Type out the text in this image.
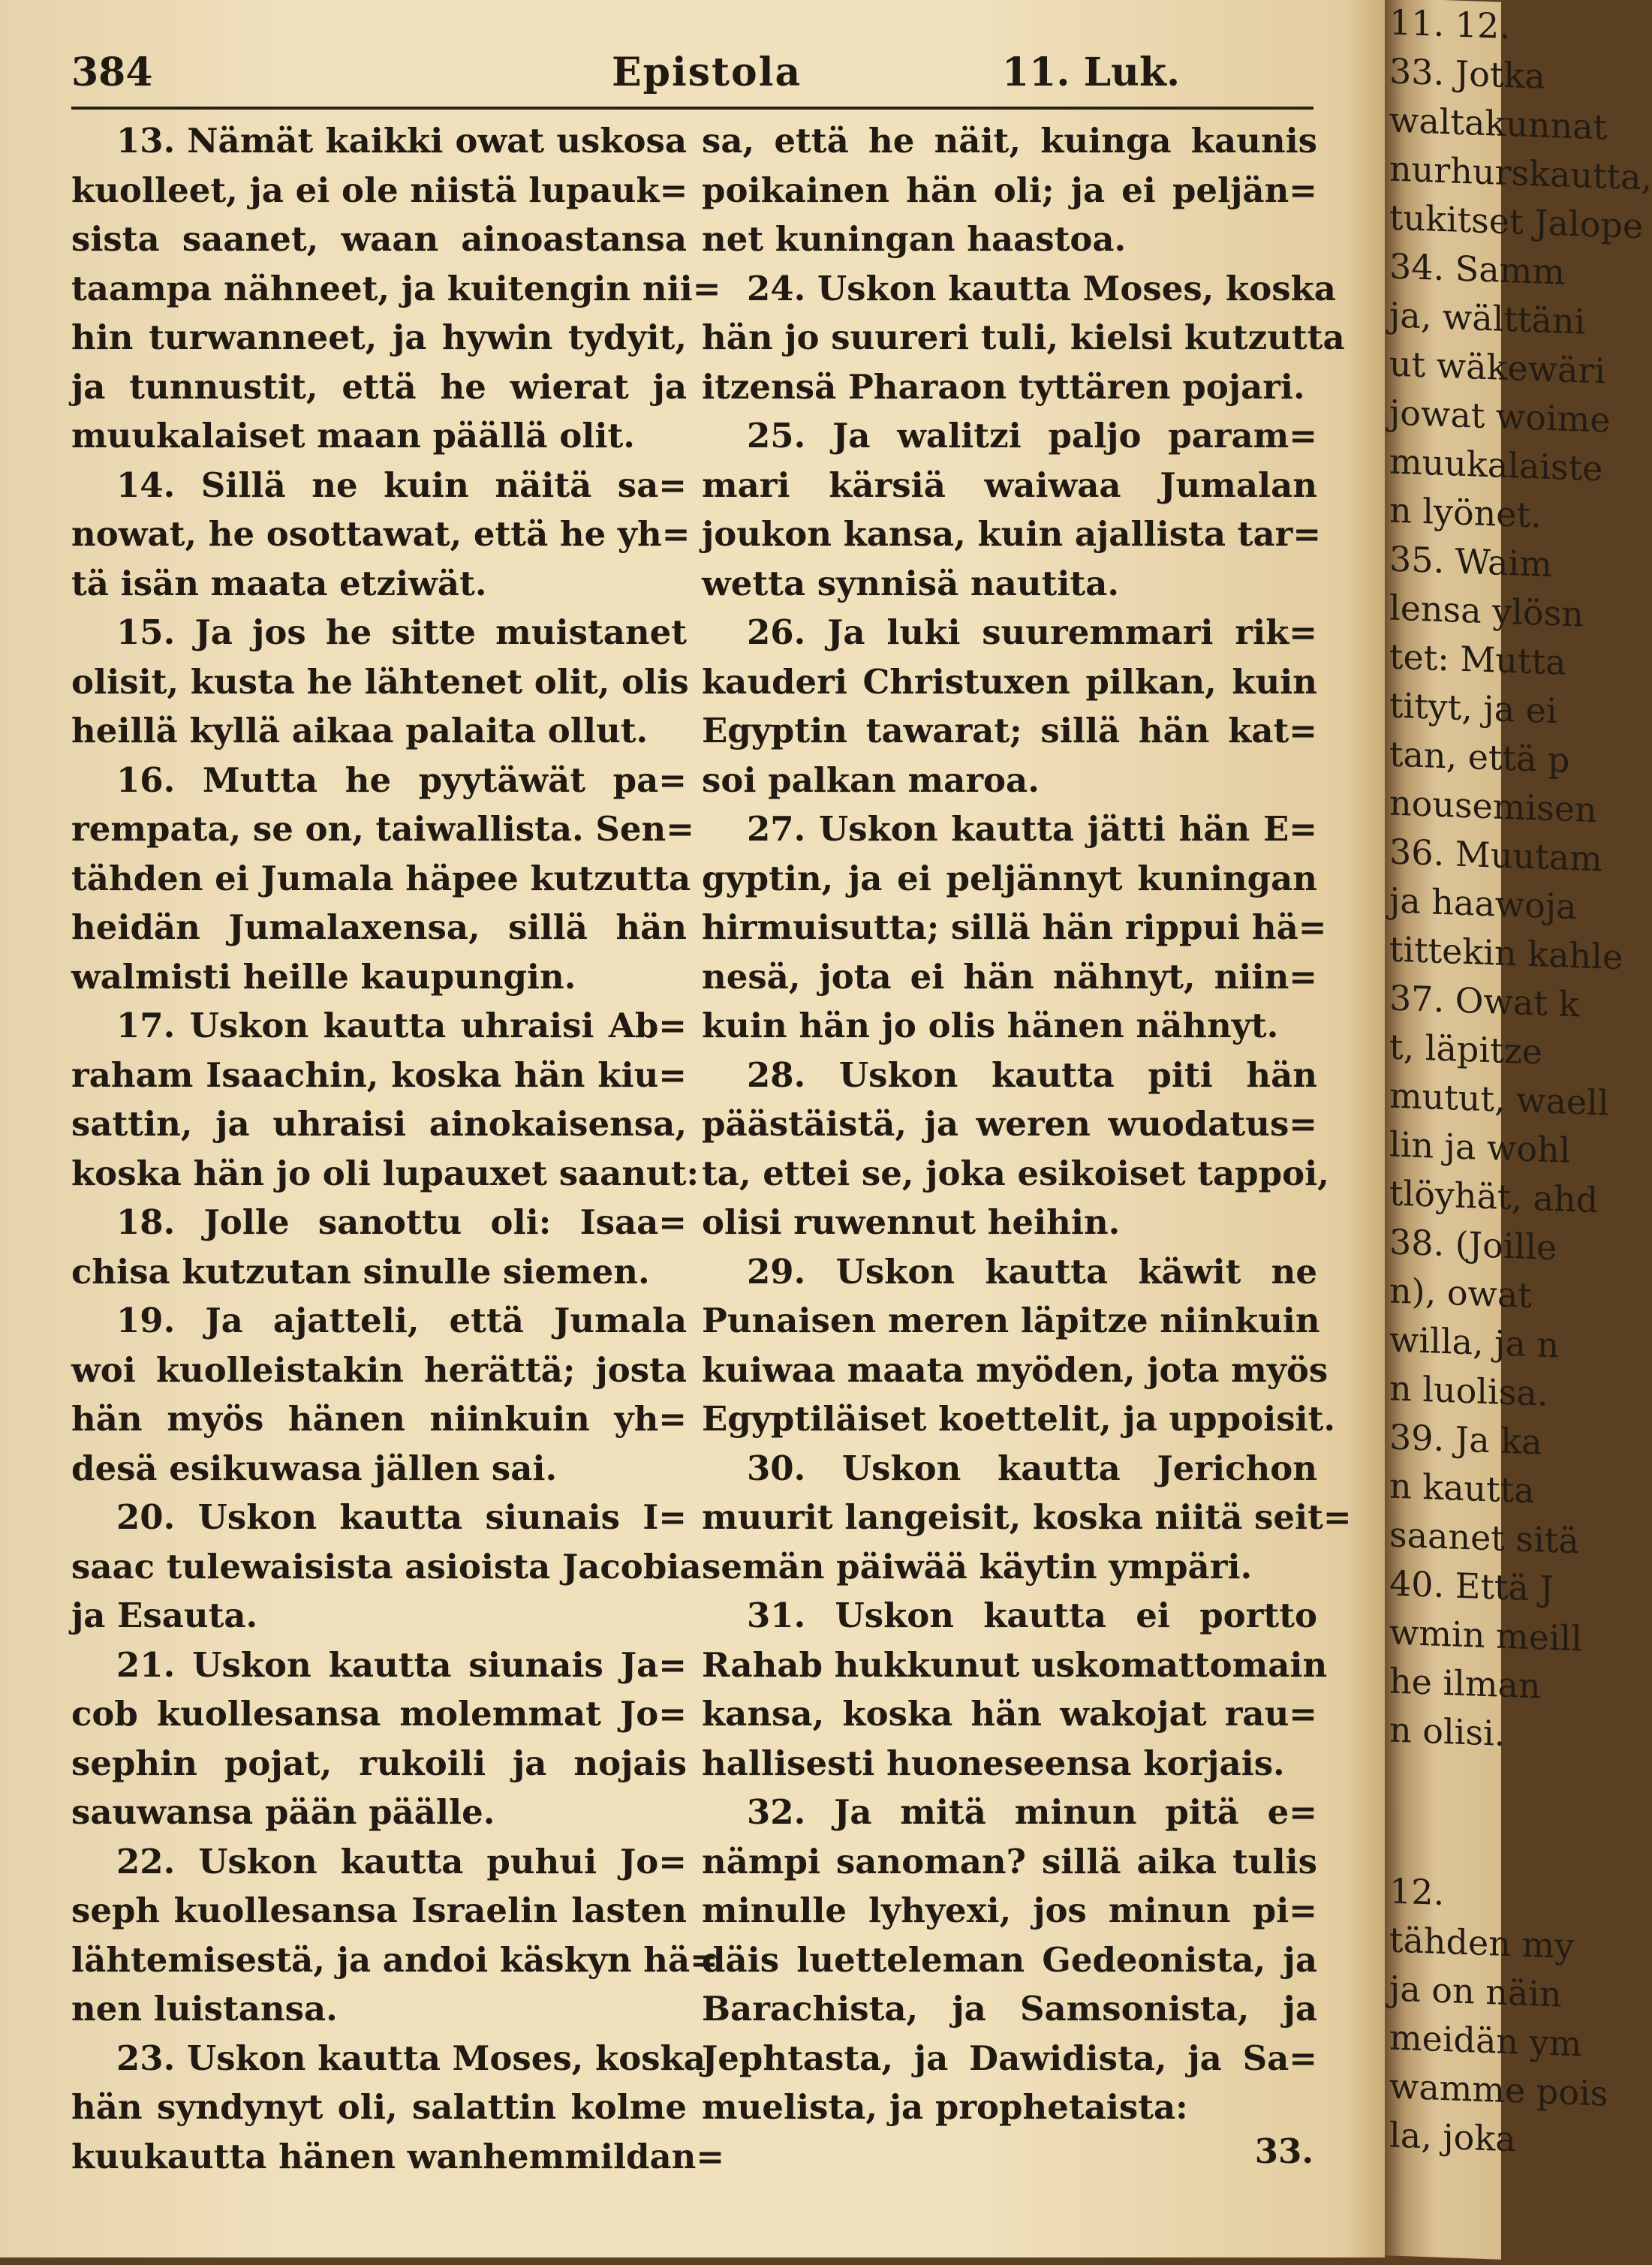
384	Epistola	11. Luk.
13. Nämät kaikki owat uskosa
kuolleet, ja ei ole niistä lupauk=
sista saanet, waan ainoastansa
taampa nähneet, ja kuitengin nii=
hin turwanneet, ja hywin tydyit,
ja tunnustit, että he wierat ja
muukalaiset maan päällä olit.
14. Sillä ne kuin näitä sa=
nowat, he osottawat, että he yh=
tä isän maata etziwät.
15. Ja jos he sitte muistanet
olisit, kusta he lähtenet olit, olis
heillä kyllä aikaa palaita ollut.
16. Mutta he pyytäwät pa=
rempata, se on, taiwallista. Sen=
tähden ei Jumala häpee kutzutta
heidän Jumalaxensa, sillä hän
walmisti heille kaupungin.
17. Uskon kautta uhraisi Ab=
raham Isaachin, koska hän kiu=
sattin, ja uhraisi ainokaisensa,
koska hän jo oli lupauxet saanut:
18. Jolle sanottu oli: Isaa=
chisa kutzutan sinulle siemen.
19. Ja ajatteli, että Jumala
woi kuolleistakin herättä; josta
hän myös hänen niinkuin yh=
desä esikuwasa jällen sai.
20. Uskon kautta siunais I=
saac tulewaisista asioista Jacobia
ja Esauta.
21. Uskon kautta siunais Ja=
cob kuollesansa molemmat Jo=
sephin pojat, rukoili ja nojais
sauwansa pään päälle.
22. Uskon kautta puhui Jo=
seph kuollesansa Israelin lasten
lähtemisestä, ja andoi käskyn hä=
nen luistansa.
23. Uskon kautta Moses, koska
hän syndynyt oli, salattin kolme
kuukautta hänen wanhemmildan=
sa, että he näit, kuinga kaunis
poikainen hän oli; ja ei peljän=
net kuningan haastoa.
24. Uskon kautta Moses, koska
hän jo suureri tuli, kielsi kutzutta
itzensä Pharaon tyttären pojari.
25. Ja walitzi paljo param=
mari kärsiä waiwaa Jumalan
joukon kansa, kuin ajallista tar=
wetta synnisä nautita.
26. Ja luki suuremmari rik=
kauderi Christuxen pilkan, kuin
Egyptin tawarat; sillä hän kat=
soi palkan maroa.
27. Uskon kautta jätti hän E=
gyptin, ja ei peljännyt kuningan
hirmuisutta; sillä hän rippui hä=
nesä, jota ei hän nähnyt, niin=
kuin hän jo olis hänen nähnyt.
28. Uskon kautta piti hän
päästäistä, ja weren wuodatus=
ta, ettei se, joka esikoiset tappoi,
olisi ruwennut heihin.
29. Uskon kautta käwit ne
Punaisen meren läpitze niinkuin
kuiwaa maata myöden, jota myös
Egyptiläiset koettelit, ja uppoisit.
30. Uskon kautta Jerichon
muurit langeisit, koska niitä seit=
semän päiwää käytin ympäri.
31. Uskon kautta ei portto
Rahab hukkunut uskomattomain
kansa, koska hän wakojat rau=
hallisesti huoneseensa korjais.
32. Ja mitä minun pitä e=
nämpi sanoman? sillä aika tulis
minulle lyhyexi, jos minun pi=
däis luetteleman Gedeonista, ja
Barachista, ja Samsonista, ja
Jephtasta, ja Dawidista, ja Sa=
muelista, ja prophetaista:
33.
11. 12.
33. Jotka
waltakunnat
nurhurskautta,
tukitset Jalope
34. Samm
ja, wälttäni
ut wäkewäri
jowat woime
muukalaiste
n lyönet.
35. Waim
lensa ylösn
tet: Mutta
tityt, ja ei
tan, että p
nousemisen
36. Muutam
ja haawoja
tittekin kahle
37. Owat k
t, läpitze
mutut, waell
lin ja wohl
tlöyhät, ahd
38. (Joille
n), owat
willa, ja n
n luolisa.
39. Ja ka
n kautta
saanet sitä
40. Että J
wmin meill
he ilman
n olisi.
12.
tähden my
ja on näin
meidän ym
wamme pois
la, joka
